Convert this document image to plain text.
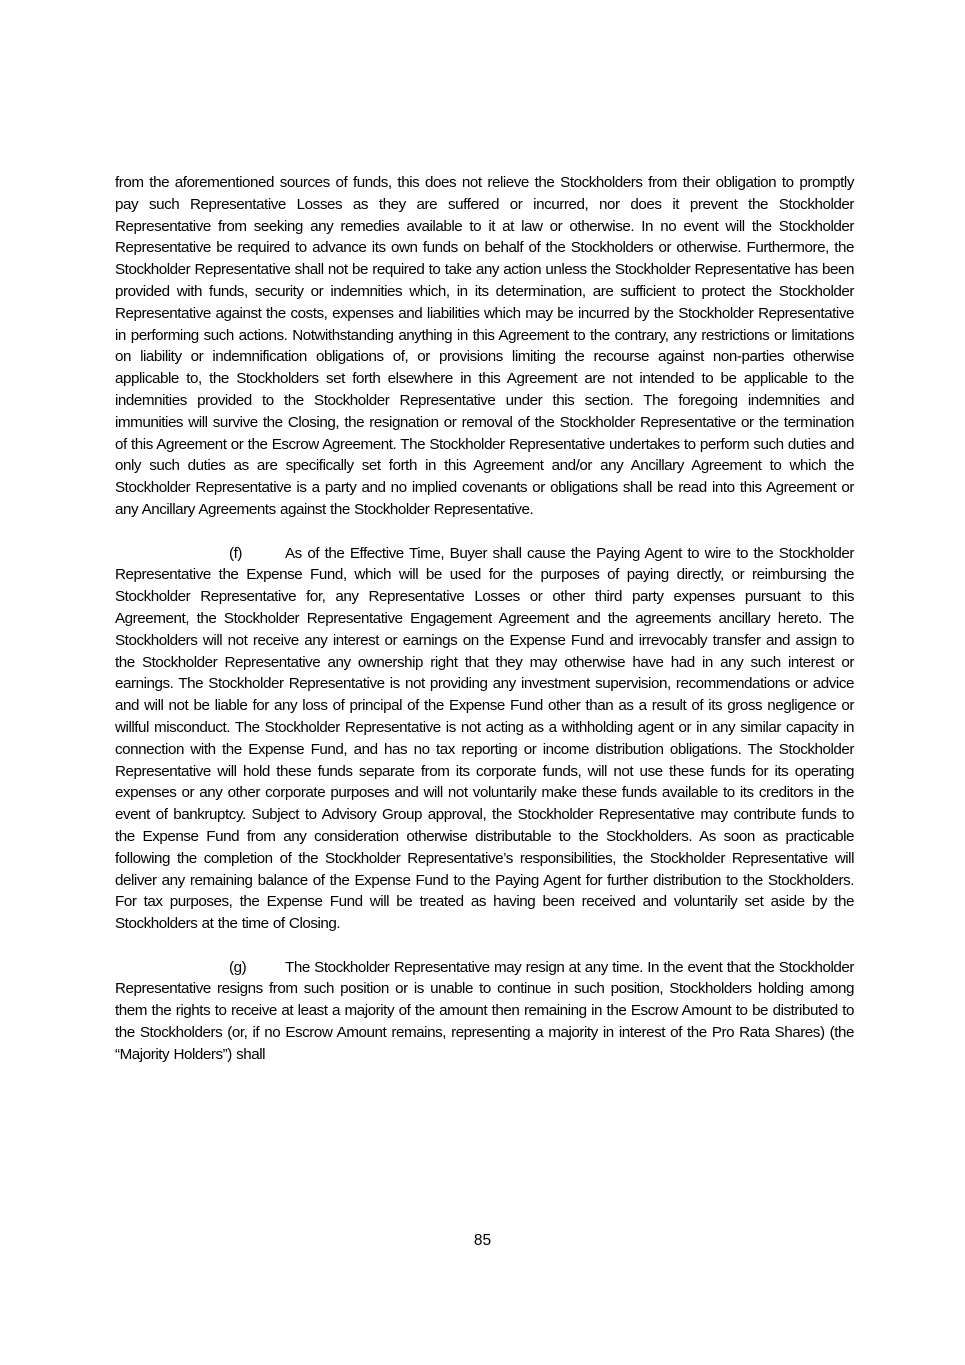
from the aforementioned sources of funds, this does not relieve the Stockholders from their obligation to promptly pay such Representative Losses as they are suffered or incurred, nor does it prevent the Stockholder Representative from seeking any remedies available to it at law or otherwise. In no event will the Stockholder Representative be required to advance its own funds on behalf of the Stockholders or otherwise. Furthermore, the Stockholder Representative shall not be required to take any action unless the Stockholder Representative has been provided with funds, security or indemnities which, in its determination, are sufficient to protect the Stockholder Representative against the costs, expenses and liabilities which may be incurred by the Stockholder Representative in performing such actions. Notwithstanding anything in this Agreement to the contrary, any restrictions or limitations on liability or indemnification obligations of, or provisions limiting the recourse against non-parties otherwise applicable to, the Stockholders set forth elsewhere in this Agreement are not intended to be applicable to the indemnities provided to the Stockholder Representative under this section. The foregoing indemnities and immunities will survive the Closing, the resignation or removal of the Stockholder Representative or the termination of this Agreement or the Escrow Agreement. The Stockholder Representative undertakes to perform such duties and only such duties as are specifically set forth in this Agreement and/or any Ancillary Agreement to which the Stockholder Representative is a party and no implied covenants or obligations shall be read into this Agreement or any Ancillary Agreements against the Stockholder Representative.

(f)	As of the Effective Time, Buyer shall cause the Paying Agent to wire to the Stockholder Representative the Expense Fund, which will be used for the purposes of paying directly, or reimbursing the Stockholder Representative for, any Representative Losses or other third party expenses pursuant to this Agreement, the Stockholder Representative Engagement Agreement and the agreements ancillary hereto. The Stockholders will not receive any interest or earnings on the Expense Fund and irrevocably transfer and assign to the Stockholder Representative any ownership right that they may otherwise have had in any such interest or earnings. The Stockholder Representative is not providing any investment supervision, recommendations or advice and will not be liable for any loss of principal of the Expense Fund other than as a result of its gross negligence or willful misconduct. The Stockholder Representative is not acting as a withholding agent or in any similar capacity in connection with the Expense Fund, and has no tax reporting or income distribution obligations. The Stockholder Representative will hold these funds separate from its corporate funds, will not use these funds for its operating expenses or any other corporate purposes and will not voluntarily make these funds available to its creditors in the event of bankruptcy. Subject to Advisory Group approval, the Stockholder Representative may contribute funds to the Expense Fund from any consideration otherwise distributable to the Stockholders. As soon as practicable following the completion of the Stockholder Representative’s responsibilities, the Stockholder Representative will deliver any remaining balance of the Expense Fund to the Paying Agent for further distribution to the Stockholders. For tax purposes, the Expense Fund will be treated as having been received and voluntarily set aside by the Stockholders at the time of Closing.

(g)	The Stockholder Representative may resign at any time. In the event that the Stockholder Representative resigns from such position or is unable to continue in such position, Stockholders holding among them the rights to receive at least a majority of the amount then remaining in the Escrow Amount to be distributed to the Stockholders (or, if no Escrow Amount remains, representing a majority in interest of the Pro Rata Shares) (the “Majority Holders”) shall

85
